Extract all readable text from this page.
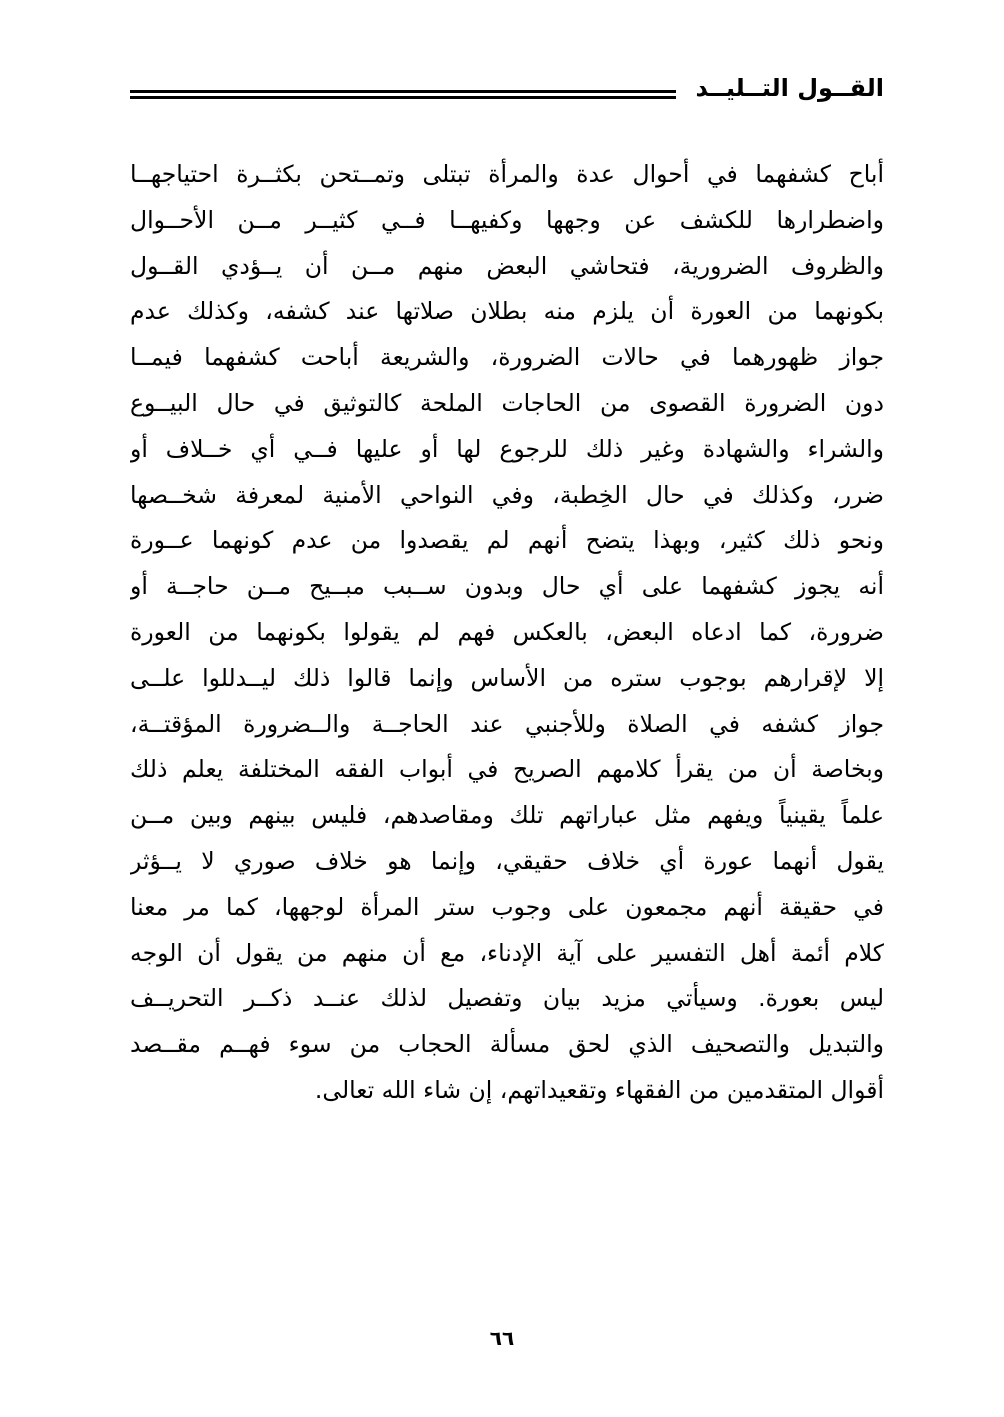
القــول التــليــد
أباح كشفهما في أحوال عدة والمرأة تبتلى وتمــتحن بكثــرة احتياجهــا
واضطرارها للكشف عن وجهها وكفيهــا فــي كثيــر مــن الأحــوال
والظروف الضرورية، فتحاشي البعض منهم مــن أن يــؤدي القــول
بكونهما من العورة أن يلزم منه بطلان صلاتها عند كشفه، وكذلك عدم
جواز ظهورهما في حالات الضرورة، والشريعة أباحت كشفهما فيمــا
دون الضرورة القصوى من الحاجات الملحة كالتوثيق في حال البيــوع
والشراء والشهادة وغير ذلك للرجوع لها أو عليها فــي أي خــلاف أو
ضرر، وكذلك في حال الخِطبة، وفي النواحي الأمنية لمعرفة شخــصها
ونحو ذلك كثير، وبهذا يتضح أنهم لم يقصدوا من عدم كونهما عــورة
أنه يجوز كشفهما على أي حال وبدون ســبب مبــيح مــن حاجــة أو
ضرورة، كما ادعاه البعض، بالعكس فهم لم يقولوا بكونهما من العورة
إلا لإقرارهم بوجوب ستره من الأساس وإنما قالوا ذلك ليــدللوا علــى
جواز كشفه في الصلاة وللأجنبي عند الحاجــة والــضرورة المؤقتــة،
وبخاصة أن من يقرأ كلامهم الصريح في أبواب الفقه المختلفة يعلم ذلك
علماً يقينياً ويفهم مثل عباراتهم تلك ومقاصدهم، فليس بينهم وبين مــن
يقول أنهما عورة أي خلاف حقيقي، وإنما هو خلاف صوري لا يــؤثر
في حقيقة أنهم مجمعون على وجوب ستر المرأة لوجهها، كما مر معنا
كلام أئمة أهل التفسير على آية الإدناء، مع أن منهم من يقول أن الوجه
ليس بعورة. وسيأتي مزيد بيان وتفصيل لذلك عنــد ذكــر التحريــف
والتبديل والتصحيف الذي لحق مسألة الحجاب من سوء فهــم مقــصد
أقوال المتقدمين من الفقهاء وتقعيداتهم، إن شاء الله تعالى.
٦٦
